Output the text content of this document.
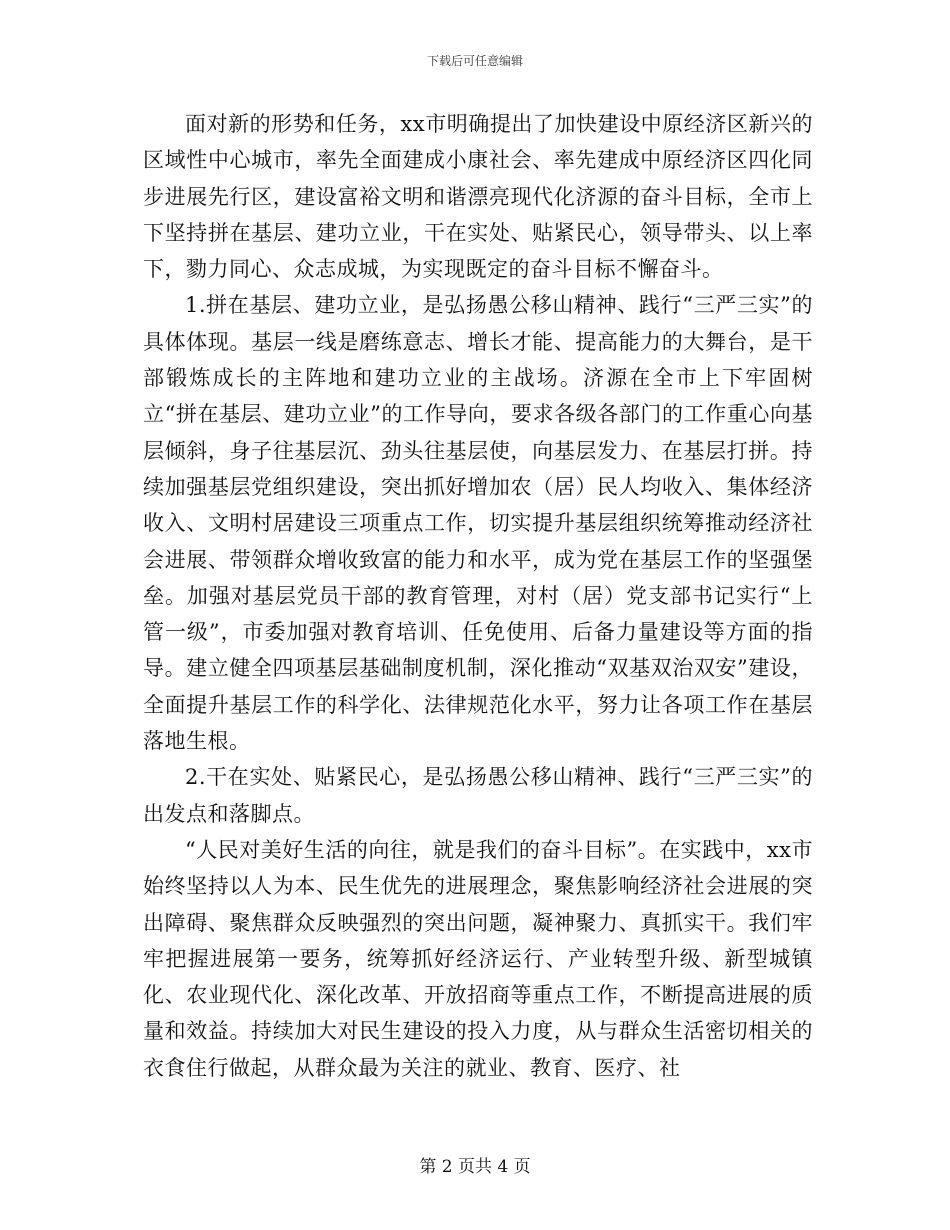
下载后可任意编辑

面对新的形势和任务，xx市明确提出了加快建设中原经济区新兴的区域性中心城市，率先全面建成小康社会、率先建成中原经济区四化同步进展先行区，建设富裕文明和谐漂亮现代化济源的奋斗目标，全市上下坚持拼在基层、建功立业，干在实处、贴紧民心，领导带头、以上率下，勠力同心、众志成城，为实现既定的奋斗目标不懈奋斗。

1.拼在基层、建功立业，是弘扬愚公移山精神、践行“三严三实”的具体体现。基层一线是磨练意志、增长才能、提高能力的大舞台，是干部锻炼成长的主阵地和建功立业的主战场。济源在全市上下牢固树立“拼在基层、建功立业”的工作导向，要求各级各部门的工作重心向基层倾斜，身子往基层沉、劲头往基层使，向基层发力、在基层打拼。持续加强基层党组织建设，突出抓好增加农（居）民人均收入、集体经济收入、文明村居建设三项重点工作，切实提升基层组织统筹推动经济社会进展、带领群众增收致富的能力和水平，成为党在基层工作的坚强堡垒。加强对基层党员干部的教育管理，对村（居）党支部书记实行“上管一级”，市委加强对教育培训、任免使用、后备力量建设等方面的指导。建立健全四项基层基础制度机制，深化推动“双基双治双安”建设，全面提升基层工作的科学化、法律规范化水平，努力让各项工作在基层落地生根。

2.干在实处、贴紧民心，是弘扬愚公移山精神、践行“三严三实”的出发点和落脚点。

“人民对美好生活的向往，就是我们的奋斗目标”。在实践中，xx市始终坚持以人为本、民生优先的进展理念，聚焦影响经济社会进展的突出障碍、聚焦群众反映强烈的突出问题，凝神聚力、真抓实干。我们牢牢把握进展第一要务，统筹抓好经济运行、产业转型升级、新型城镇化、农业现代化、深化改革、开放招商等重点工作，不断提高进展的质量和效益。持续加大对民生建设的投入力度，从与群众生活密切相关的衣食住行做起，从群众最为关注的就业、教育、医疗、社

第 2 页共 4 页
